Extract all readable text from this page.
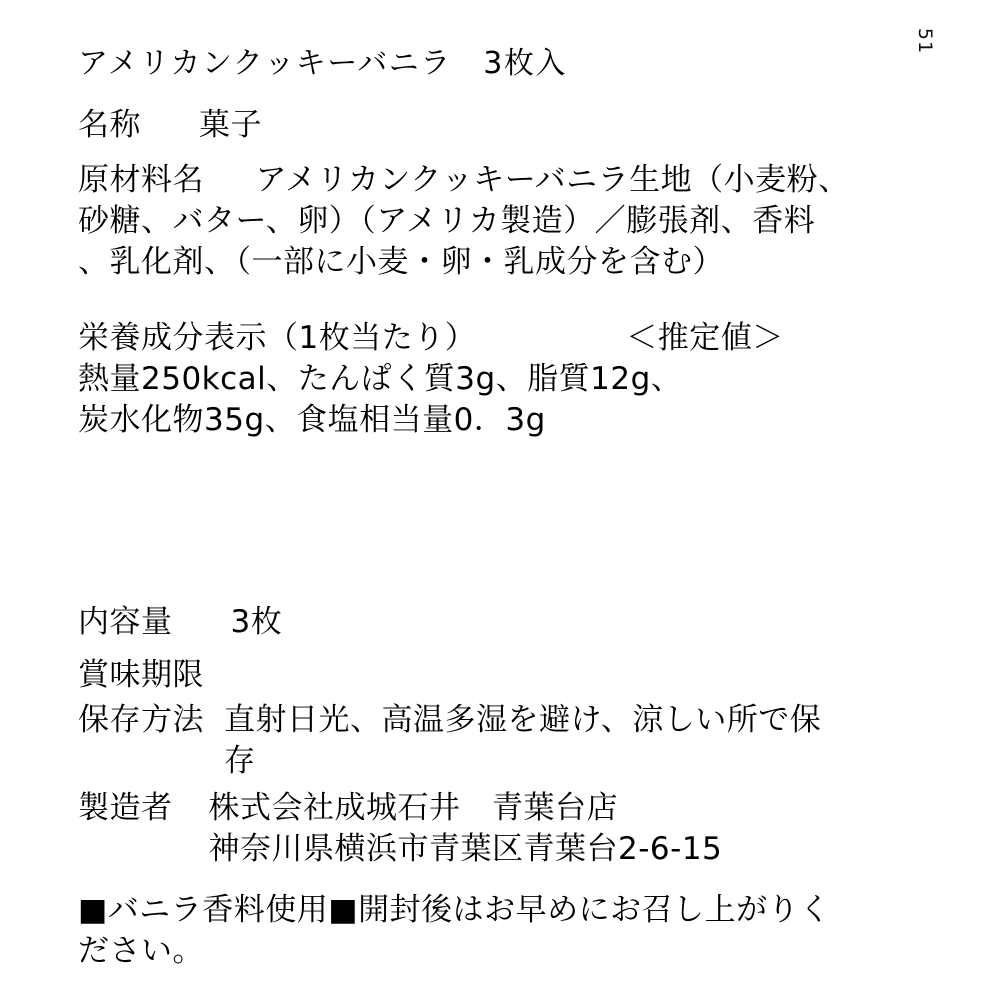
51
アメリカンクッキーバニラ　3枚入
名称 菓子
原材料名 　アメリカンクッキーバニラ生地（小麦粉、
砂糖、バター、卵）（アメリカ製造）／膨張剤、香料
、乳化剤、（一部に小麦・卵・乳成分を含む）
栄養成分表示（1枚当たり）	＜推定値＞
熱量250kcal、たんぱく質3g、脂質12g、
炭水化物35g、食塩相当量0．3g
内容量 3枚
賞味期限
保存方法 直射日光、高温多湿を避け、涼しい所で保
存
製造者 株式会社成城石井　青葉台店
神奈川県横浜市青葉区青葉台2-6-15
■バニラ香料使用■開封後はお早めにお召し上がりく
ださい。
